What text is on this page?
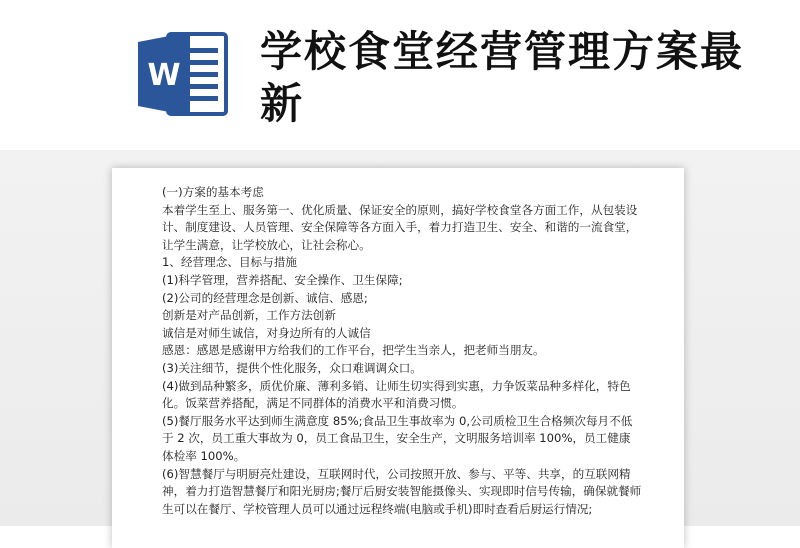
W 学校食堂经营管理方案最新

(一)方案的基本考虑

本着学生至上、服务第一、优化质量、保证安全的原则，搞好学校食堂各方面工作，从包装设计、制度建设、人员管理、安全保障等各方面入手，着力打造卫生、安全、和谐的一流食堂，让学生满意，让学校放心，让社会称心。

1、经营理念、目标与措施

(1)科学管理，营养搭配、安全操作、卫生保障;

(2)公司的经营理念是创新、诚信、感恩;

创新是对产品创新，工作方法创新

诚信是对师生诚信，对身边所有的人诚信

感恩：感恩是感谢甲方给我们的工作平台，把学生当亲人，把老师当朋友。

(3)关注细节，提供个性化服务，众口难调调众口。

(4)做到品种繁多，质优价廉、薄利多销、让师生切实得到实惠，力争饭菜品种多样化，特色化。饭菜营养搭配，满足不同群体的消费水平和消费习惯。

(5)餐厅服务水平达到师生满意度 85%;食品卫生事故率为 0,公司质检卫生合格频次每月不低于 2 次，员工重大事故为 0，员工食品卫生，安全生产，文明服务培训率 100%，员工健康体检率 100%。

(6)智慧餐厅与明厨亮灶建设，互联网时代，公司按照开放、参与、平等、共享，的互联网精神，着力打造智慧餐厅和阳光厨房;餐厅后厨安装智能摄像头、实现即时信号传输，确保就餐师生可以在餐厅、学校管理人员可以通过远程终端(电脑或手机)即时查看后厨运行情况;
